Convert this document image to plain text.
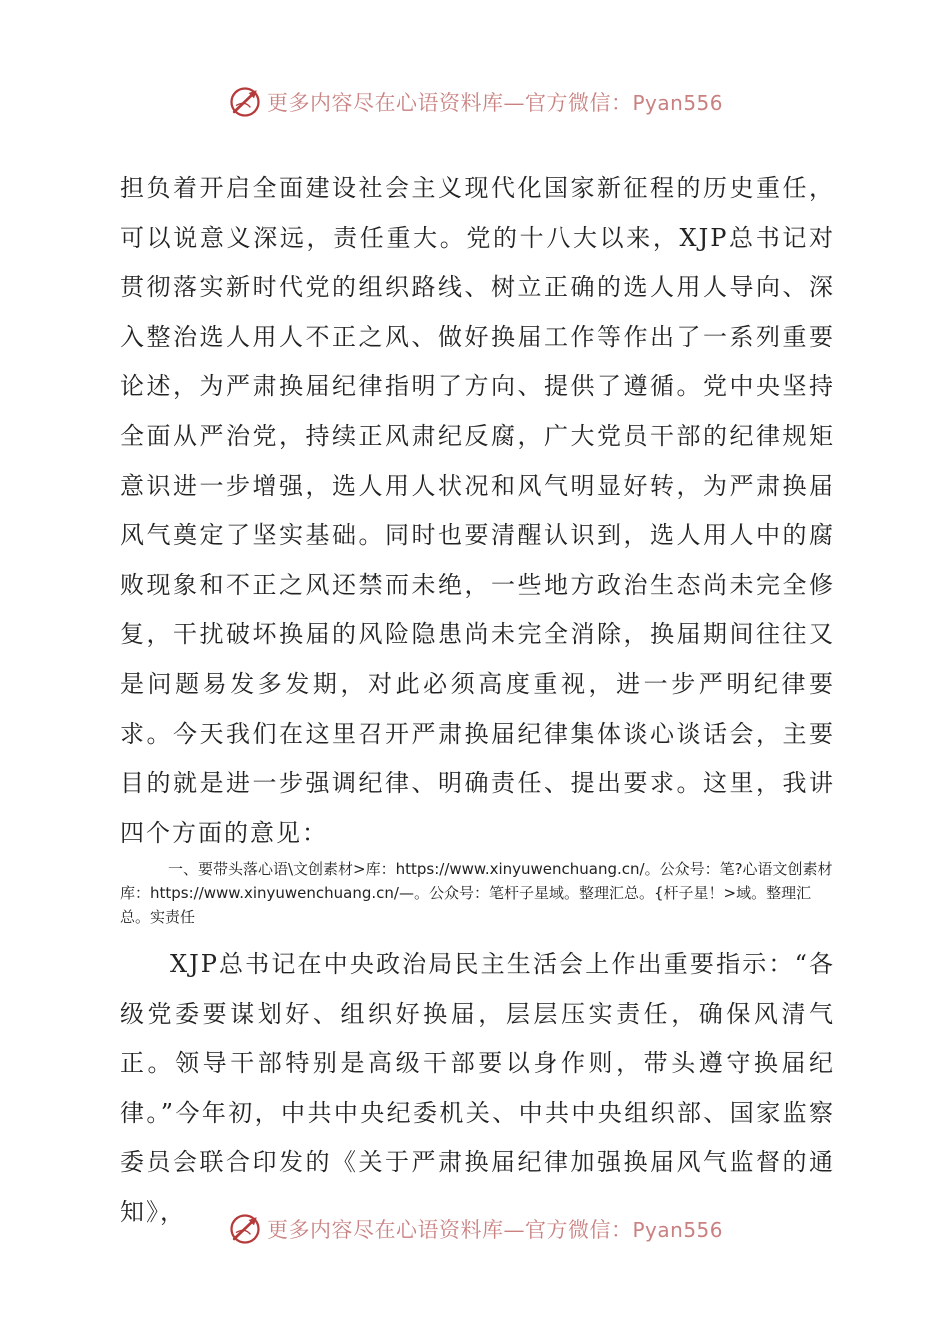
更多内容尽在心语资料库—官方微信：Pyan556
担负着开启全面建设社会主义现代化国家新征程的历史重任，可以说意义深远，责任重大。党的十八大以来，XJP总书记对贯彻落实新时代党的组织路线、树立正确的选人用人导向、深入整治选人用人不正之风、做好换届工作等作出了一系列重要论述，为严肃换届纪律指明了方向、提供了遵循。党中央坚持全面从严治党，持续正风肃纪反腐，广大党员干部的纪律规矩意识进一步增强，选人用人状况和风气明显好转，为严肃换届风气奠定了坚实基础。同时也要清醒认识到，选人用人中的腐败现象和不正之风还禁而未绝，一些地方政治生态尚未完全修复，干扰破坏换届的风险隐患尚未完全消除，换届期间往往又是问题易发多发期，对此必须高度重视，进一步严明纪律要求。今天我们在这里召开严肃换届纪律集体谈心谈话会，主要目的就是进一步强调纪律、明确责任、提出要求。这里，我讲四个方面的意见：
一、要带头落心语\文创素材>库：https://www.xinyuwenchuang.cn/。公众号：笔?心语文创素材库：https://www.xinyuwenchuang.cn/—。公众号：笔杆子星域。整理汇总。{杆子星！>域。整理汇总。实责任
XJP总书记在中央政治局民主生活会上作出重要指示：“各级党委要谋划好、组织好换届，层层压实责任，确保风清气正。领导干部特别是高级干部要以身作则，带头遵守换届纪律。”今年初，中共中央纪委机关、中共中央组织部、国家监察委员会联合印发的《关于严肃换届纪律加强换届风气监督的通知》，
更多内容尽在心语资料库—官方微信：Pyan556
